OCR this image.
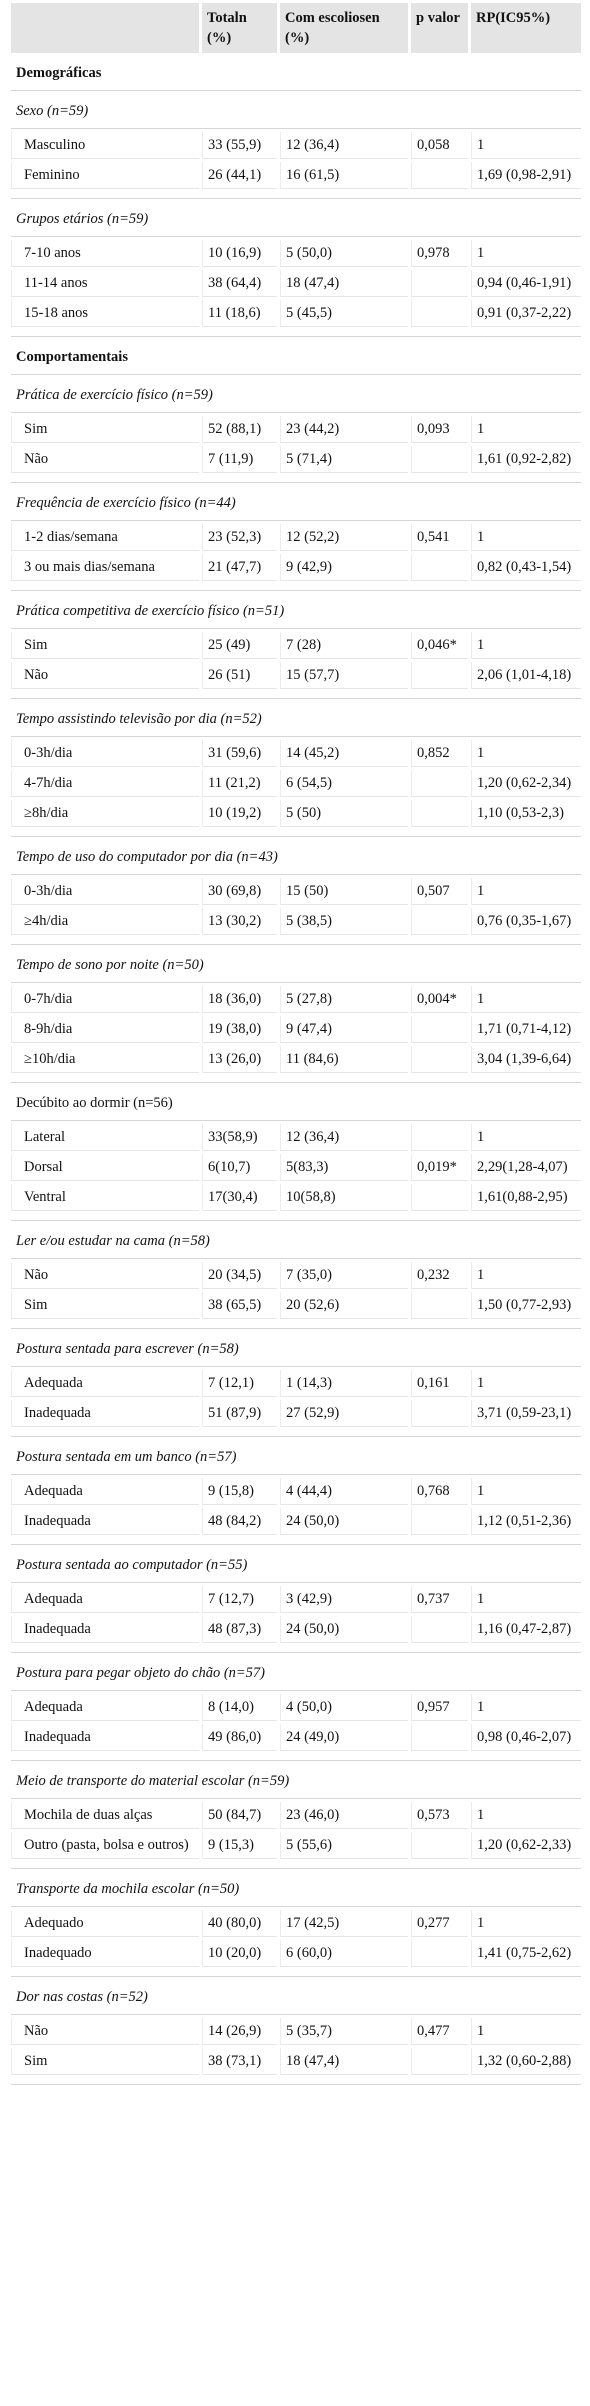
	Totaln (%)	Com escoliosen (%)	p valor	RP(IC95%)
Demográficas				
Sexo (n=59)				
Masculino	33 (55,9)	12 (36,4)	0,058	1
Feminino	26 (44,1)	16 (61,5)		1,69 (0,98-2,91)

Grupos etários (n=59)				
7-10 anos	10 (16,9)	5 (50,0)	0,978	1
11-14 anos	38 (64,4)	18 (47,4)		0,94 (0,46-1,91)
15-18 anos	11 (18,6)	5 (45,5)		0,91 (0,37-2,22)

Comportamentais				
Prática de exercício físico (n=59)				
Sim	52 (88,1)	23 (44,2)	0,093	1
Não	7 (11,9)	5 (71,4)		1,61 (0,92-2,82)

Frequência de exercício físico (n=44)				
1-2 dias/semana	23 (52,3)	12 (52,2)	0,541	1
3 ou mais dias/semana	21 (47,7)	9 (42,9)		0,82 (0,43-1,54)

Prática competitiva de exercício físico (n=51)				
Sim	25 (49)	7 (28)	0,046*	1
Não	26 (51)	15 (57,7)		2,06 (1,01-4,18)

Tempo assistindo televisão por dia (n=52)				
0-3h/dia	31 (59,6)	14 (45,2)	0,852	1
4-7h/dia	11 (21,2)	6 (54,5)		1,20 (0,62-2,34)
≥8h/dia	10 (19,2)	5 (50)		1,10 (0,53-2,3)

Tempo de uso do computador por dia (n=43)				
0-3h/dia	30 (69,8)	15 (50)	0,507	1
≥4h/dia	13 (30,2)	5 (38,5)		0,76 (0,35-1,67)

Tempo de sono por noite (n=50)				
0-7h/dia	18 (36,0)	5 (27,8)	0,004*	1
8-9h/dia	19 (38,0)	9 (47,4)		1,71 (0,71-4,12)
≥10h/dia	13 (26,0)	11 (84,6)		3,04 (1,39-6,64)

Decúbito ao dormir (n=56)				
Lateral	33(58,9)	12 (36,4)		1
Dorsal	6(10,7)	5(83,3)	0,019*	2,29(1,28-4,07)
Ventral	17(30,4)	10(58,8)		1,61(0,88-2,95)

Ler e/ou estudar na cama (n=58)				
Não	20 (34,5)	7 (35,0)	0,232	1
Sim	38 (65,5)	20 (52,6)		1,50 (0,77-2,93)

Postura sentada para escrever (n=58)				
Adequada	7 (12,1)	1 (14,3)	0,161	1
Inadequada	51 (87,9)	27 (52,9)		3,71 (0,59-23,1)

Postura sentada em um banco (n=57)				
Adequada	9 (15,8)	4 (44,4)	0,768	1
Inadequada	48 (84,2)	24 (50,0)		1,12 (0,51-2,36)

Postura sentada ao computador (n=55)				
Adequada	7 (12,7)	3 (42,9)	0,737	1
Inadequada	48 (87,3)	24 (50,0)		1,16 (0,47-2,87)

Postura para pegar objeto do chão (n=57)				
Adequada	8 (14,0)	4 (50,0)	0,957	1
Inadequada	49 (86,0)	24 (49,0)		0,98 (0,46-2,07)

Meio de transporte do material escolar (n=59)				
Mochila de duas alças	50 (84,7)	23 (46,0)	0,573	1
Outro (pasta, bolsa e outros)	9 (15,3)	5 (55,6)		1,20 (0,62-2,33)

Transporte da mochila escolar (n=50)				
Adequado	40 (80,0)	17 (42,5)	0,277	1
Inadequado	10 (20,0)	6 (60,0)		1,41 (0,75-2,62)

Dor nas costas (n=52)				
Não	14 (26,9)	5 (35,7)	0,477	1
Sim	38 (73,1)	18 (47,4)		1,32 (0,60-2,88)
